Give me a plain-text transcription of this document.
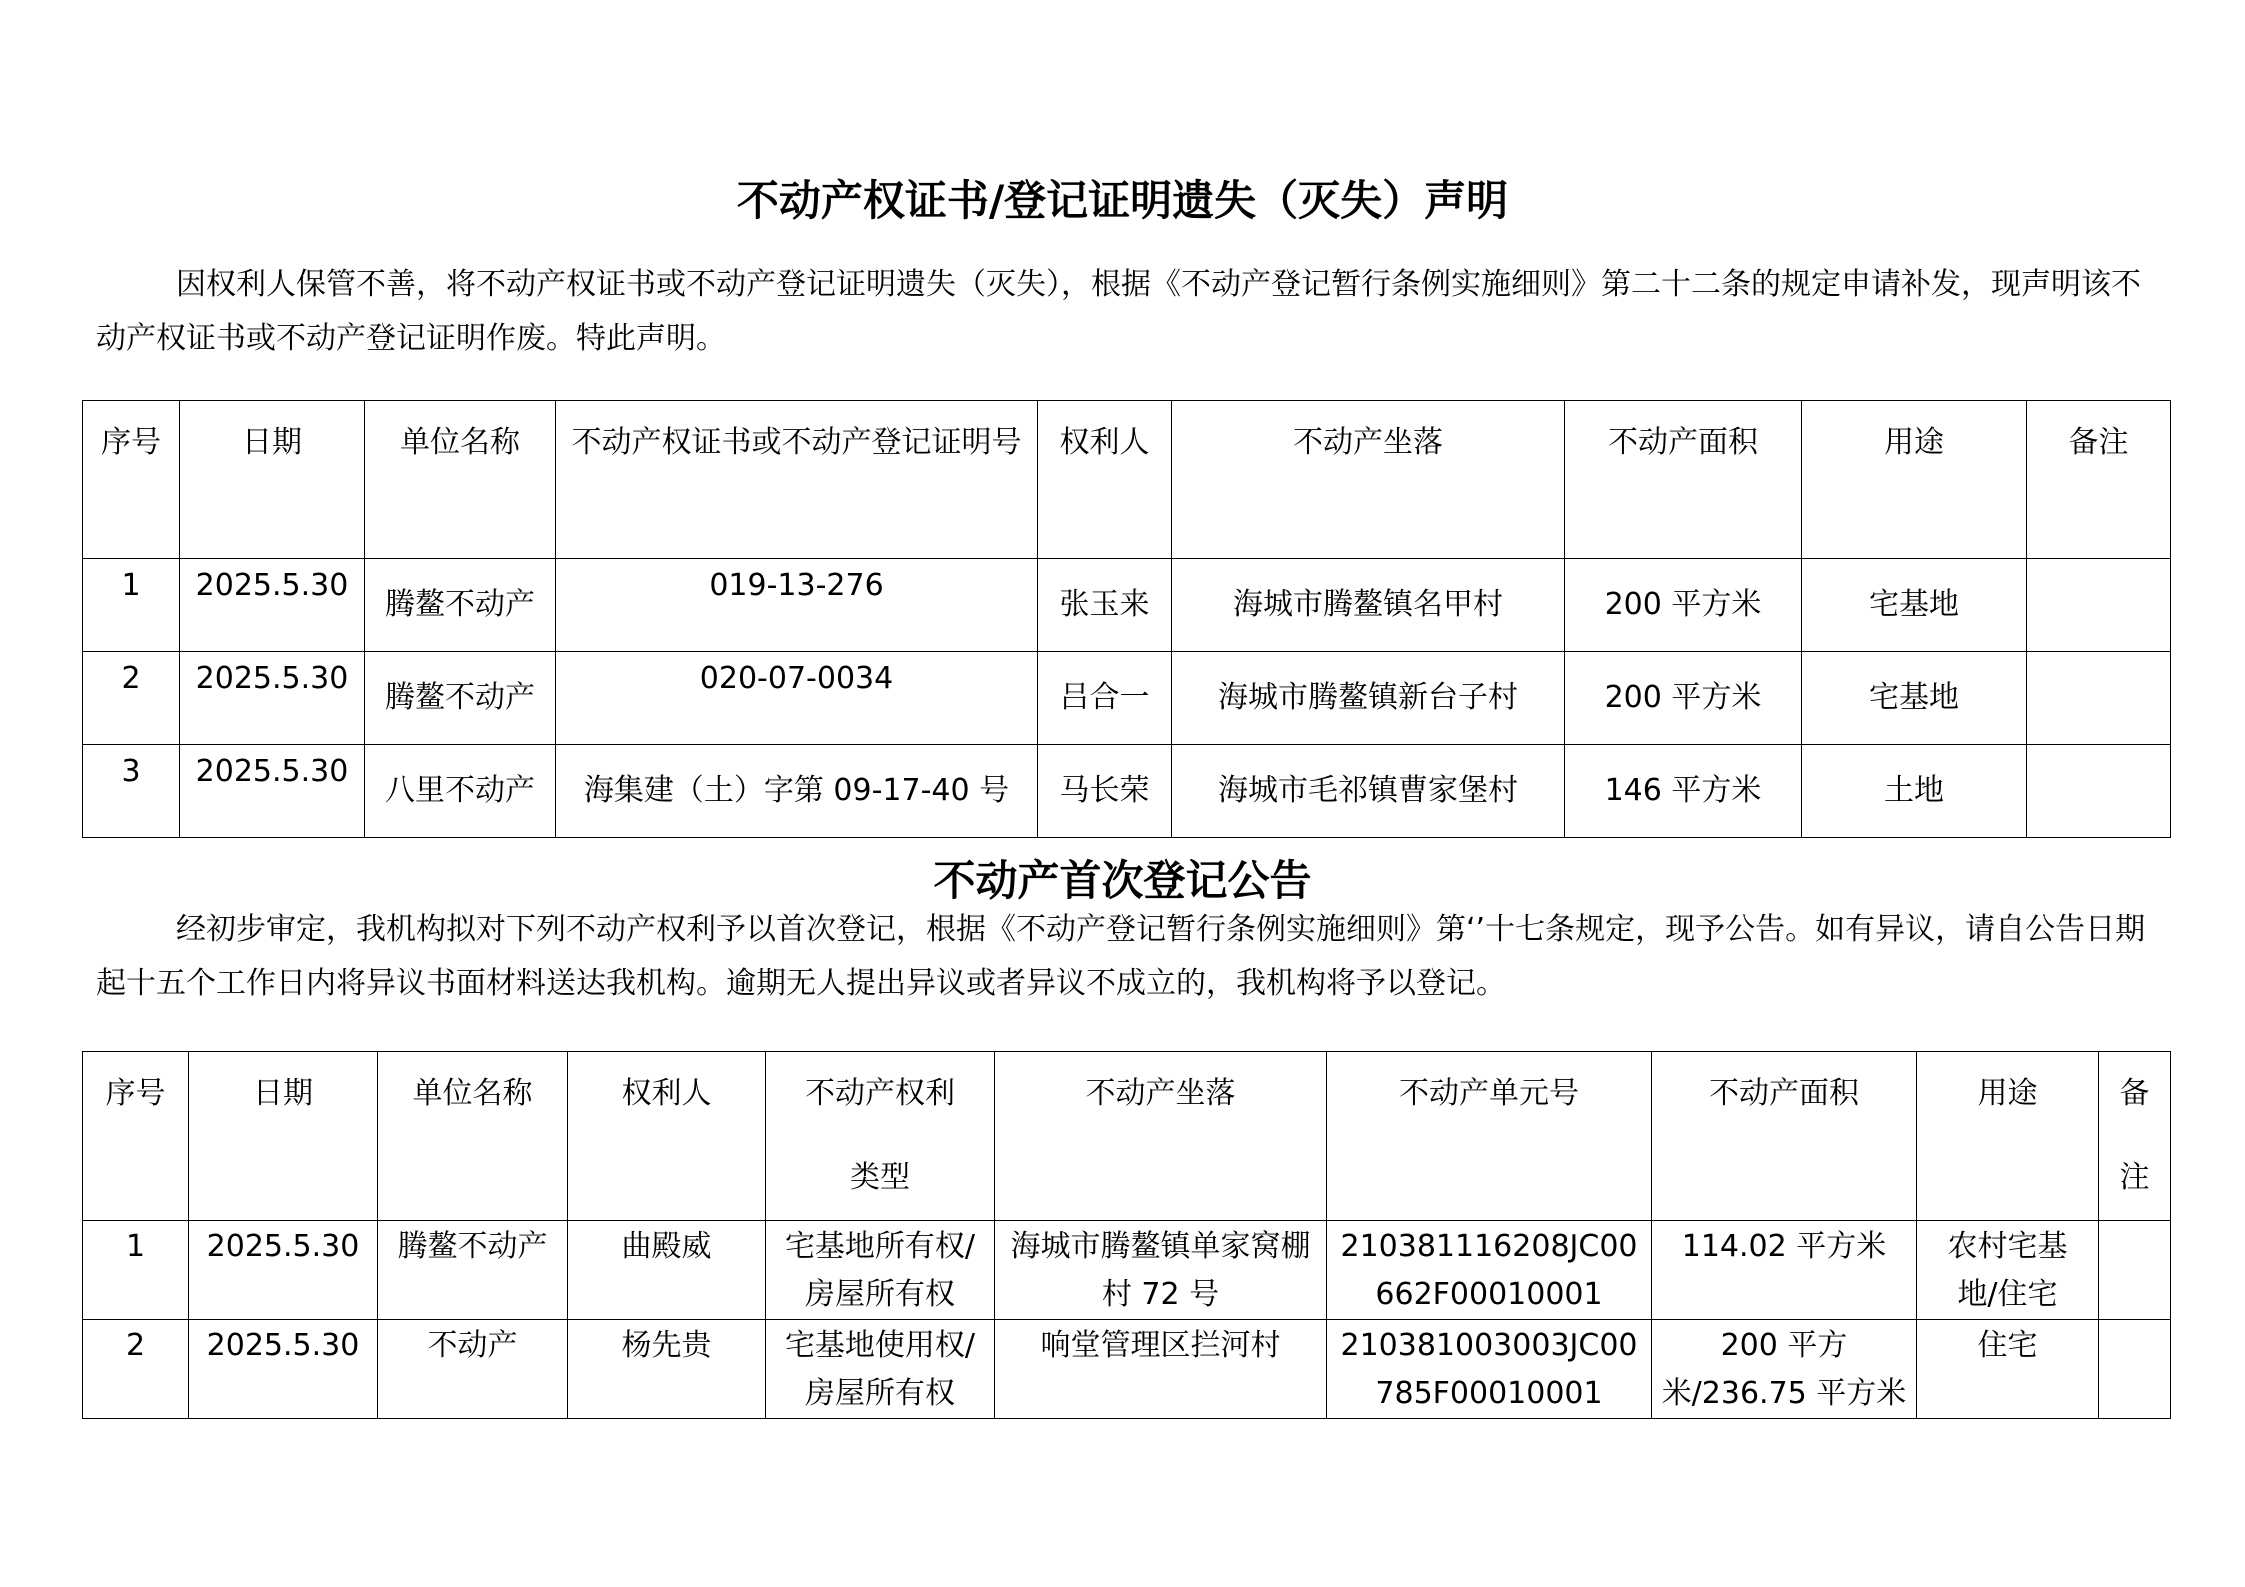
不动产权证书/登记证明遗失（灭失）声明

因权利人保管不善，将不动产权证书或不动产登记证明遗失（灭失），根据《不动产登记暂行条例实施细则》第二十二条的规定申请补发，现声明该不动产权证书或不动产登记证明作废。特此声明。

序号	日期	单位名称	不动产权证书或不动产登记证明号	权利人	不动产坐落	不动产面积	用途	备注
1	2025.5.30	腾鳌不动产	019-13-276	张玉来	海城市腾鳌镇名甲村	200 平方米	宅基地	
2	2025.5.30	腾鳌不动产	020-07-0034	吕合一	海城市腾鳌镇新台子村	200 平方米	宅基地	
3	2025.5.30	八里不动产	海集建（土）字第 09-17-40 号	马长荣	海城市毛祁镇曹家堡村	146 平方米	土地	
不动产首次登记公告

经初步审定，我机构拟对下列不动产权利予以首次登记，根据《不动产登记暂行条例实施细则》第‘’十七条规定，现予公告。如有异议，请自公告日期起十五个工作日内将异议书面材料送达我机构。逾期无人提出异议或者异议不成立的，我机构将予以登记。

序号	日期	单位名称	权利人	不动产权利类型	不动产坐落	不动产单元号	不动产面积	用途	备注
1	2025.5.30	腾鳌不动产	曲殿威	宅基地所有权/房屋所有权	海城市腾鳌镇单家窝棚村 72 号	210381116208JC00662F00010001	114.02 平方米	农村宅基地/住宅	
2	2025.5.30	不动产	杨先贵	宅基地使用权/房屋所有权	响堂管理区拦河村	210381003003JC00785F00010001	200 平方米/236.75 平方米	住宅	
